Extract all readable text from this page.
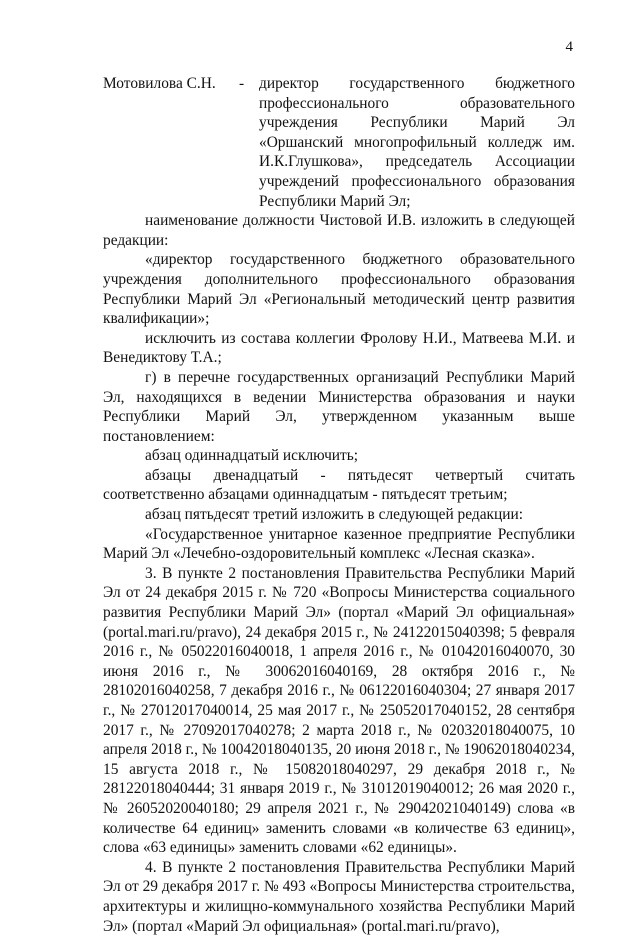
4
Мотовилова С.Н.	- директор государственного бюджетного профессионального образовательного учреждения Республики Марий Эл «Оршанский многопрофильный колледж им. И.К.Глушкова», председатель Ассоциации учреждений профессионального образования Республики Марий Эл;

наименование должности Чистовой И.В. изложить в следующей редакции:

«директор государственного бюджетного образовательного учреждения дополнительного профессионального образования Республики Марий Эл «Региональный методический центр развития квалификации»;

исключить из состава коллегии Фролову Н.И., Матвеева М.И. и Венедиктову Т.А.;

г) в перечне государственных организаций Республики Марий Эл, находящихся в ведении Министерства образования и науки Республики Марий Эл, утвержденном указанным выше постановлением:

абзац одиннадцатый исключить;

абзацы двенадцатый - пятьдесят четвертый считать соответственно абзацами одиннадцатым - пятьдесят третьим;

абзац пятьдесят третий изложить в следующей редакции:

«Государственное унитарное казенное предприятие Республики Марий Эл «Лечебно-оздоровительный комплекс «Лесная сказка».

3. В пункте 2 постановления Правительства Республики Марий Эл от 24 декабря 2015 г. № 720 «Вопросы Министерства социального развития Республики Марий Эл» (портал «Марий Эл официальная» (portal.mari.ru/pravo), 24 декабря 2015 г., № 24122015040398; 5 февраля 2016 г., № 05022016040018, 1 апреля 2016 г., № 01042016040070, 30 июня 2016 г., № 30062016040169, 28 октября 2016 г., № 28102016040258, 7 декабря 2016 г., № 06122016040304; 27 января 2017 г., № 27012017040014, 25 мая 2017 г., № 25052017040152, 28 сентября 2017 г., № 27092017040278; 2 марта 2018 г., № 02032018040075, 10 апреля 2018 г., № 10042018040135, 20 июня 2018 г., № 19062018040234, 15 августа 2018 г., № 15082018040297, 29 декабря 2018 г., № 28122018040444; 31 января 2019 г., № 31012019040012; 26 мая 2020 г., № 26052020040180; 29 апреля 2021 г., № 29042021040149) слова «в количестве 64 единиц» заменить словами «в количестве 63 единиц», слова «63 единицы» заменить словами «62 единицы».

4. В пункте 2 постановления Правительства Республики Марий Эл от 29 декабря 2017 г. № 493 «Вопросы Министерства строительства, архитектуры и жилищно-коммунального хозяйства Республики Марий Эл» (портал «Марий Эл официальная» (portal.mari.ru/pravo),
